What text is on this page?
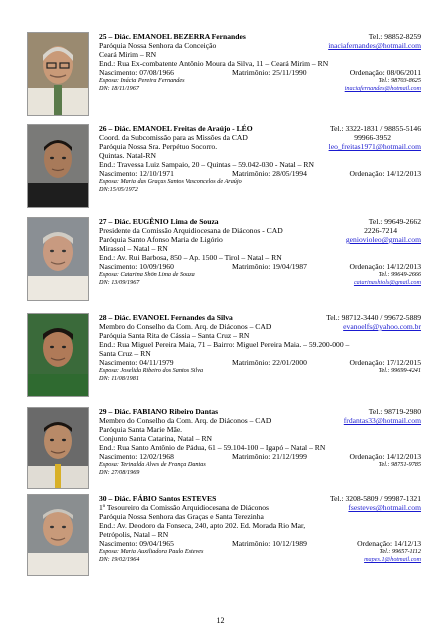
25 – Diác. EMANOEL BEZERRA Fernandes	Tel.: 98852-8259
Paróquia Nossa Senhora da Conceição	inaciafernandes@hotmail.com
Ceará Mirim – RN
End.: Rua Ex-combatente Antônio Moura da Silva, 11 – Ceará Mirim – RN
Nascimento: 07/08/1966	Matrimônio: 25/11/1990	Ordenação: 08/06/2011
Esposa: Inácia Pereira Fernandes	Tel.: 98703-8625
DN: 18/11/1967	inaciafernandes@hotmail.com
26 – Diác. EMANOEL Freitas de Araújo - LÉO	Tel.: 3322-1831 / 98855-5146
Coord. da Subcomissão para as Missões da CAD	99966-3952
Paróquia Nossa Sra. Perpétuo Socorro.	leo_freitas1971@hotmail.com
Quintas. Natal-RN
End.: Travessa Luiz Sampaio, 20 – Quintas – 59.042-030 - Natal – RN
Nascimento: 12/10/1971	Matrimônio: 28/05/1994	Ordenação: 14/12/2013
Esposa: Maria das Graças Santos Vasconcelos de Araújo
DN:15/05/1972
27 – Diác. EUGÊNIO Lima de Souza	Tel.: 99649-2662
Presidente da Comissão Arquidiocesana de Diáconos - CAD	2226-7214
Paróquia Santo Afonso Maria de Ligório	geniovioleo@gmail.com
Mirassol – Natal – RN
End.: Av. Rui Barbosa, 850 – Ap. 1500 – Tirol – Natal – RN
Nascimento: 10/09/1960	Matrimônio: 19/04/1987	Ordenação: 14/12/2013
Esposa: Catarina Shön Lima de Souza	Tel.: 99649-2666
DN: 13/09/1967	catarinashiols@gmail.com
28 – Diác. EVANOEL Fernandes da Silva	Tel.: 98712-3440 / 99672-5889
Membro do Conselho da Com. Arq. de Diáconos – CAD	evanoelfs@yahoo.com.br
Paróquia Santa Rita de Cássia – Santa Cruz – RN
End.: Rua Miguel Pereira Maia, 71 – Bairro: Miguel Pereira Maia. – 59.200-000 –
Santa Cruz – RN
Nascimento: 04/11/1979	Matrimônio: 22/01/2000	Ordenação: 17/12/2015
Esposa: Joselida Ribeiro dos Santos Silva	Tel.: 99699-4241
DN: 11/08/1981
29 – Diác. FABIANO Ribeiro Dantas	Tel.: 98719-2980
Membro do Conselho da Com. Arq. de Diáconos – CAD	frdantas33@hotmail.com
Paróquia Santa Marie Mãe.
Conjunto Santa Catarina, Natal – RN
End.: Rua Santo Antônio de Pádua, 61 – 59.104-100 – Igapó – Natal – RN
Nascimento: 12/02/1968	Matrimônio: 21/12/1999	Ordenação: 14/12/2013
Esposa: Terinalda Alves de França Dantas	Tel.: 98751-9785
DN: 27/08/1969
30 – Diác. FÁBIO Santos ESTEVES	Tel.: 3208-5809 / 99987-1321
1º Tesoureiro da Comissão Arquidiocesana de Diáconos	fsesteves@hotmail.com
Paróquia Nossa Senhora das Graças e Santa Terezinha
End.: Av. Deodoro da Fonseca, 240, apto 202. Ed. Morada Rio Mar,
Petrópolis, Natal – RN
Nascimento: 09/04/1965	Matrimônio: 10/12/1989	Ordenação: 14/12/13
Esposa: Maria Auxiliadora Paulo Esteves	Tel.: 99657-1112
DN: 19/02/1964	mapes.1@hotmail.com
12
